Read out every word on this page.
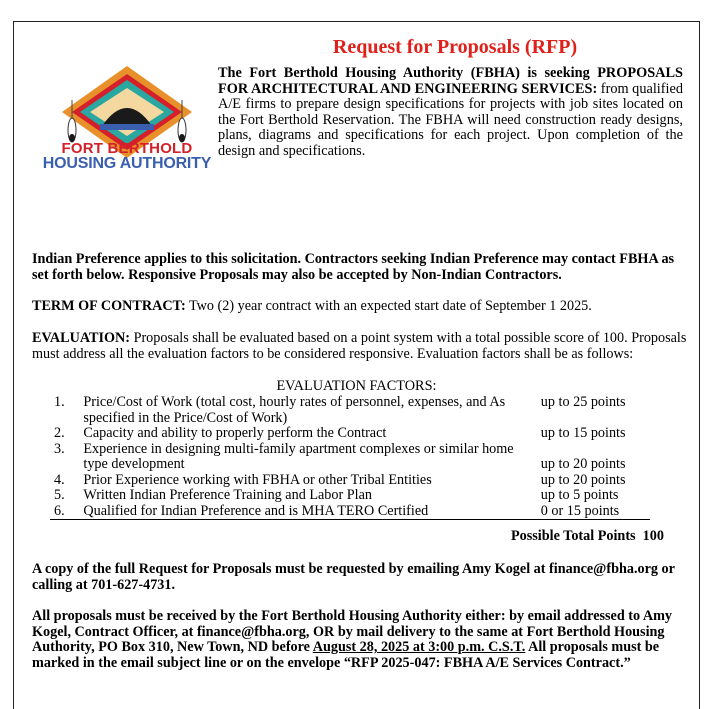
Request for Proposals (RFP)
FORT BERTHOLD
HOUSING AUTHORITY
The Fort Berthold Housing Authority (FBHA) is seeking PROPOSALS FOR ARCHITECTURAL AND ENGINEERING SERVICES: from qualified A/E firms to prepare design specifications for projects with job sites located on the Fort Berthold Reservation. The FBHA will need construction ready designs, plans, diagrams and specifications for each project. Upon completion of the design and specifications.
Indian Preference applies to this solicitation. Contractors seeking Indian Preference may contact FBHA as set forth below. Responsive Proposals may also be accepted by Non-Indian Contractors.
TERM OF CONTRACT: Two (2) year contract with an expected start date of September 1 2025.
EVALUATION: Proposals shall be evaluated based on a point system with a total possible score of 100. Proposals must address all the evaluation factors to be considered responsive. Evaluation factors shall be as follows:
EVALUATION FACTORS:
1.	Price/Cost of Work (total cost, hourly rates of personnel, expenses, and As specified in the Price/Cost of Work)	up to 25 points
2.	Capacity and ability to properly perform the Contract	up to 15 points
3.	Experience in designing multi-family apartment complexes or similar home type development	up to 20 points
4.	Prior Experience working with FBHA or other Tribal Entities	up to 20 points
5.	Written Indian Preference Training and Labor Plan	up to 5 points
6.	Qualified for Indian Preference and is MHA TERO Certified	0 or 15 points
Possible Total Points 100
A copy of the full Request for Proposals must be requested by emailing Amy Kogel at finance@fbha.org or calling at 701-627-4731.
All proposals must be received by the Fort Berthold Housing Authority either: by email addressed to Amy Kogel, Contract Officer, at finance@fbha.org, OR by mail delivery to the same at Fort Berthold Housing Authority, PO Box 310, New Town, ND before August 28, 2025 at 3:00 p.m. C.S.T. All proposals must be marked in the email subject line or on the envelope “RFP 2025-047: FBHA A/E Services Contract.”
